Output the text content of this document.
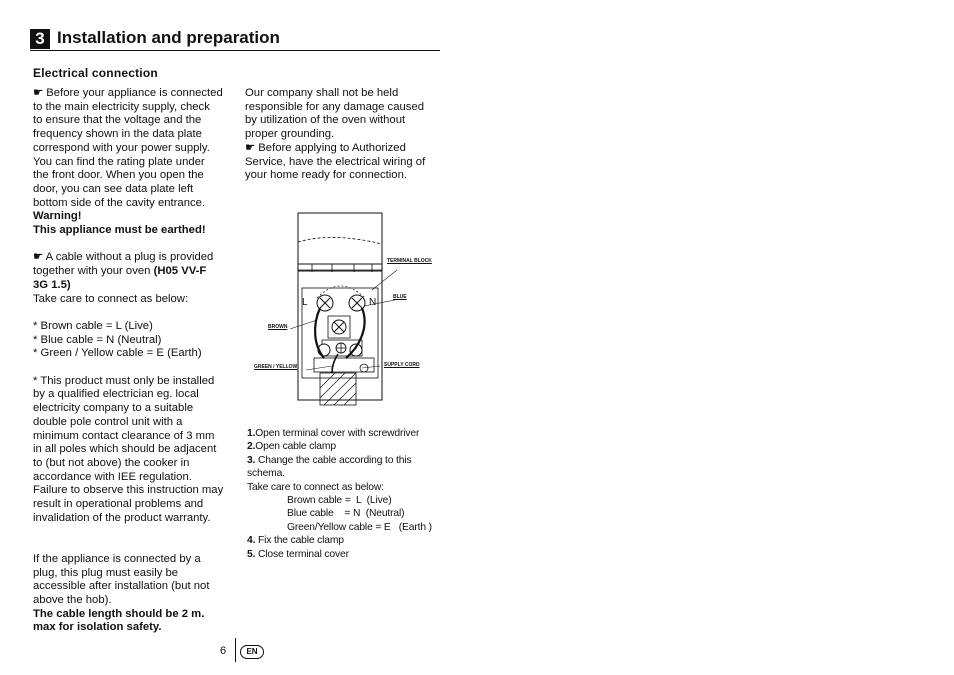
3 Installation and preparation
Electrical connection
☛ Before your appliance is connected
to the main electricity supply, check
to ensure that the voltage and the
frequency shown in the data plate
correspond with your power supply.
You can find the rating plate under
the front door. When you open the
door, you can see data plate left
bottom side of the cavity entrance.
Warning!
This appliance must be earthed!
☛ A cable without a plug is provided
together with your oven (H05 VV-F
3G 1.5)
Take care to connect as below:
* Brown cable = L (Live)
* Blue cable = N (Neutral)
* Green / Yellow cable = E (Earth)
* This product must only be installed
by a qualified electrician eg. local
electricity company to a suitable
double pole control unit with a
minimum contact clearance of 3 mm
in all poles which should be adjacent
to (but not above) the cooker in
accordance with IEE regulation.
Failure to observe this instruction may
result in operational problems and
invalidation of the product warranty.
If the appliance is connected by a
plug, this plug must easily be
accessible after installation (but not
above the hob).
The cable length should be 2 m.
max for isolation safety.
Our company shall not be held
responsible for any damage caused
by utilization of the oven without
proper grounding.
☛ Before applying to Authorized
Service, have the electrical wiring of
your home ready for connection.
L	N
TERMINAL BLOCK
BLUE
BROWN
GREEN / YELLOW	SUPPLY CORD
1.Open terminal cover with screwdriver
2.Open cable clamp
3. Change the cable according to this
schema.
Take care to connect as below:
Brown cable =  L  (Live)
Blue cable    = N  (Neutral)
Green/Yellow cable = E   (Earth )
4. Fix the cable clamp
5. Close terminal cover
6	EN
